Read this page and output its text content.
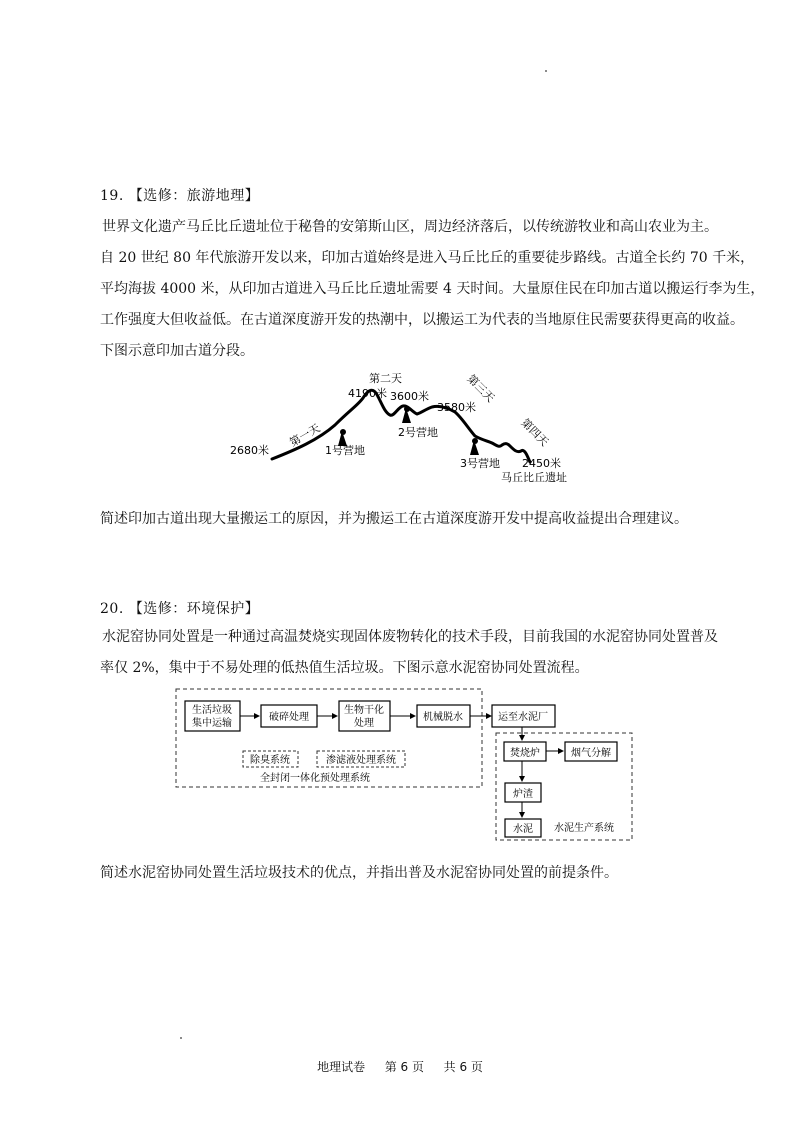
19. 【选修：旅游地理】

世界文化遗产马丘比丘遗址位于秘鲁的安第斯山区，周边经济落后，以传统游牧业和高山农业为主。

自 20 世纪 80 年代旅游开发以来，印加古道始终是进入马丘比丘的重要徒步路线。古道全长约 70 千米，

平均海拔 4000 米，从印加古道进入马丘比丘遗址需要 4 天时间。大量原住民在印加古道以搬运行李为生，

工作强度大但收益低。在古道深度游开发的热潮中，以搬运工为代表的当地原住民需要获得更高的收益。

下图示意印加古道分段。

2680米
第一天
1号营地
第二天
4190米 3600米
2号营地
3580米
第三天
3号营地
第四天
2450米
马丘比丘遗址
简述印加古道出现大量搬运工的原因，并为搬运工在古道深度游开发中提高收益提出合理建议。
20. 【选修：环境保护】

水泥窑协同处置是一种通过高温焚烧实现固体废物转化的技术手段，目前我国的水泥窑协同处置普及

率仅 2%，集中于不易处理的低热值生活垃圾。下图示意水泥窑协同处置流程。

生活垃圾
集中运输
破碎处理
生物干化
处理
机械脱水
除臭系统	渗滤液处理系统
全封闭一体化预处理系统
运至水泥厂
焚烧炉	烟气分解
炉渣
水泥 水泥生产系统
简述水泥窑协同处置生活垃圾技术的优点，并指出普及水泥窑协同处置的前提条件。
地理试卷 第 6 页 共 6 页
